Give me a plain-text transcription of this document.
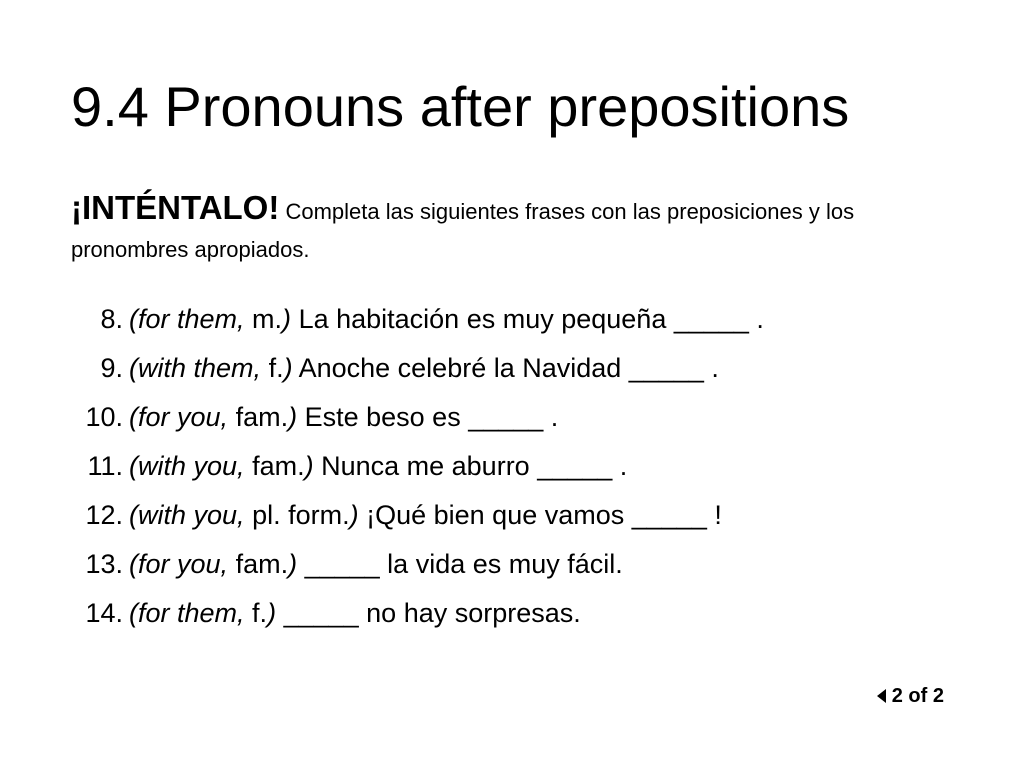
9.4 Pronouns after prepositions

¡INTÉNTALO! Completa las siguientes frases con las preposiciones y los pronombres apropiados.

8. (for them, m.) La habitación es muy pequeña _____ .
9. (with them, f.) Anoche celebré la Navidad _____ .
10. (for you, fam.) Este beso es _____ .
11. (with you, fam.) Nunca me aburro _____ .
12. (with you, pl. form.) ¡Qué bien que vamos _____ !
13. (for you, fam.) _____ la vida es muy fácil.
14. (for them, f.) _____ no hay sorpresas.
2 of 2
